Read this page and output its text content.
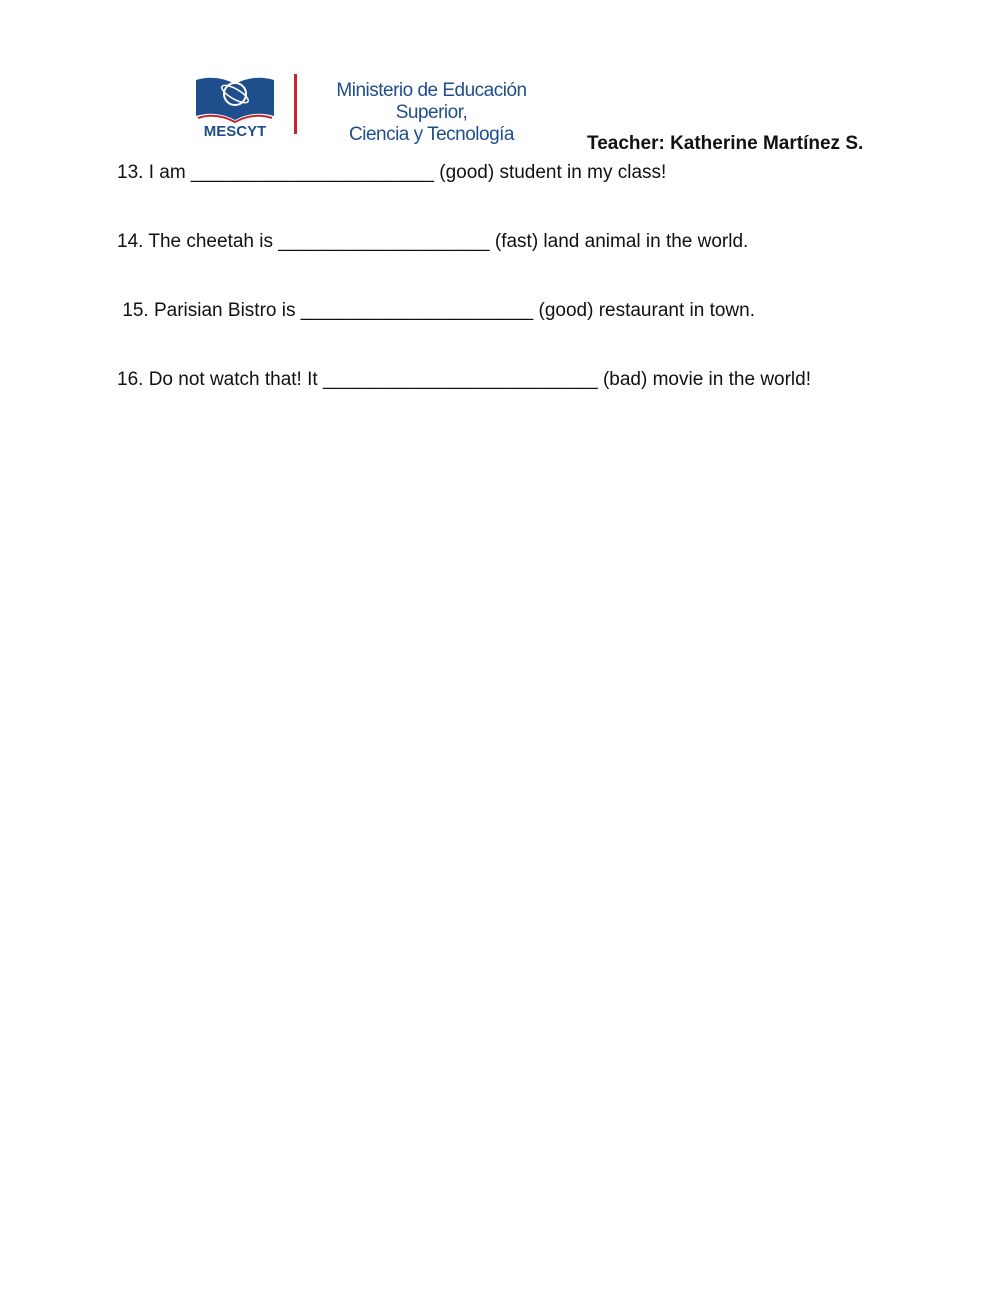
MESCYT
Ministerio de Educación Superior,
Ciencia y Tecnología	Teacher: Katherine Martínez S.
13. I am _______________________ (good) student in my class!
14. The cheetah is ____________________ (fast) land animal in the world.
15. Parisian Bistro is ______________________ (good) restaurant in town.
16. Do not watch that! It __________________________ (bad) movie in the world!
